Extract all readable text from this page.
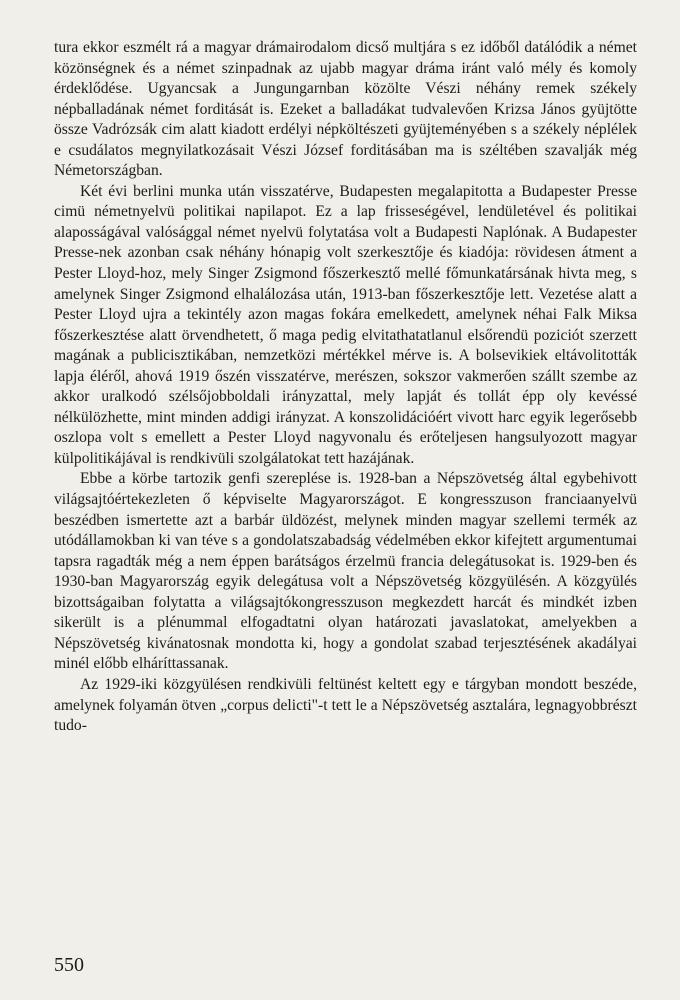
tura ekkor eszmélt rá a magyar drámairodalom dicső multjára s ez időből datálódik a német közönségnek és a német szinpadnak az ujabb magyar dráma iránt való mély és komoly érdeklődése. Ugyancsak a Jungungarnban közölte Vészi néhány remek székely népballadának német forditását is. Ezeket a balladákat tudvalevően Krizsa János gyüjtötte össze Vadrózsák cim alatt kiadott erdélyi népköltészeti gyüjteményében s a székely néplélek e csudálatos megnyilatkozásait Vészi József forditásában ma is széltében szavalják még Németországban.

Két évi berlini munka után visszatérve, Budapesten megalapitotta a Budapester Presse cimü németnyelvü politikai napilapot. Ez a lap frisseségével, lendületével és politikai alaposságával valósággal német nyelvü folytatása volt a Budapesti Naplónak. A Budapester Presse-nek azonban csak néhány hónapig volt szerkesztője és kiadója: rövidesen átment a Pester Lloyd-hoz, mely Singer Zsigmond főszerkesztő mellé főmunkatársának hivta meg, s amelynek Singer Zsigmond elhalálozása után, 1913-ban főszerkesztője lett. Vezetése alatt a Pester Lloyd ujra a tekintély azon magas fokára emelkedett, amelynek néhai Falk Miksa főszerkesztése alatt örvendhetett, ő maga pedig elvitathatatlanul elsőrendü poziciót szerzett magának a publicisztikában, nemzetközi mértékkel mérve is. A bolsevikiek eltávolitották lapja éléről, ahová 1919 őszén visszatérve, merészen, sokszor vakmerően szállt szembe az akkor uralkodó szélsőjobboldali irányzattal, mely lapját és tollát épp oly kevéssé nélkülözhette, mint minden addigi irányzat. A konszolidációért vivott harc egyik legerősebb oszlopa volt s emellett a Pester Lloyd nagyvonalu és erőteljesen hangsulyozott magyar külpolitikájával is rendkivüli szolgálatokat tett hazájának.

Ebbe a körbe tartozik genfi szereplése is. 1928-ban a Népszövetség által egybehivott világsajtóértekezleten ő képviselte Magyarországot. E kongresszuson franciaanyelvü beszédben ismertette azt a barbár üldözést, melynek minden magyar szellemi termék az utódállamokban ki van téve s a gondolatszabadság védelmében ekkor kifejtett argumentumai tapsra ragadták még a nem éppen barátságos érzelmü francia delegátusokat is. 1929-ben és 1930-ban Magyarország egyik delegátusa volt a Népszövetség közgyülésén. A közgyülés bizottságaiban folytatta a világsajtókongresszuson megkezdett harcát és mindkét izben sikerült is a plénummal elfogadtatni olyan határozati javaslatokat, amelyekben a Népszövetség kivánatosnak mondotta ki, hogy a gondolat szabad terjesztésének akadályai minél előbb elháríttassanak.

Az 1929-iki közgyülésen rendkivüli feltünést keltett egy e tárgyban mondott beszéde, amelynek folyamán ötven „corpus delicti"-t tett le a Népszövetség asztalára, legnagyobbrészt tudo-

550
